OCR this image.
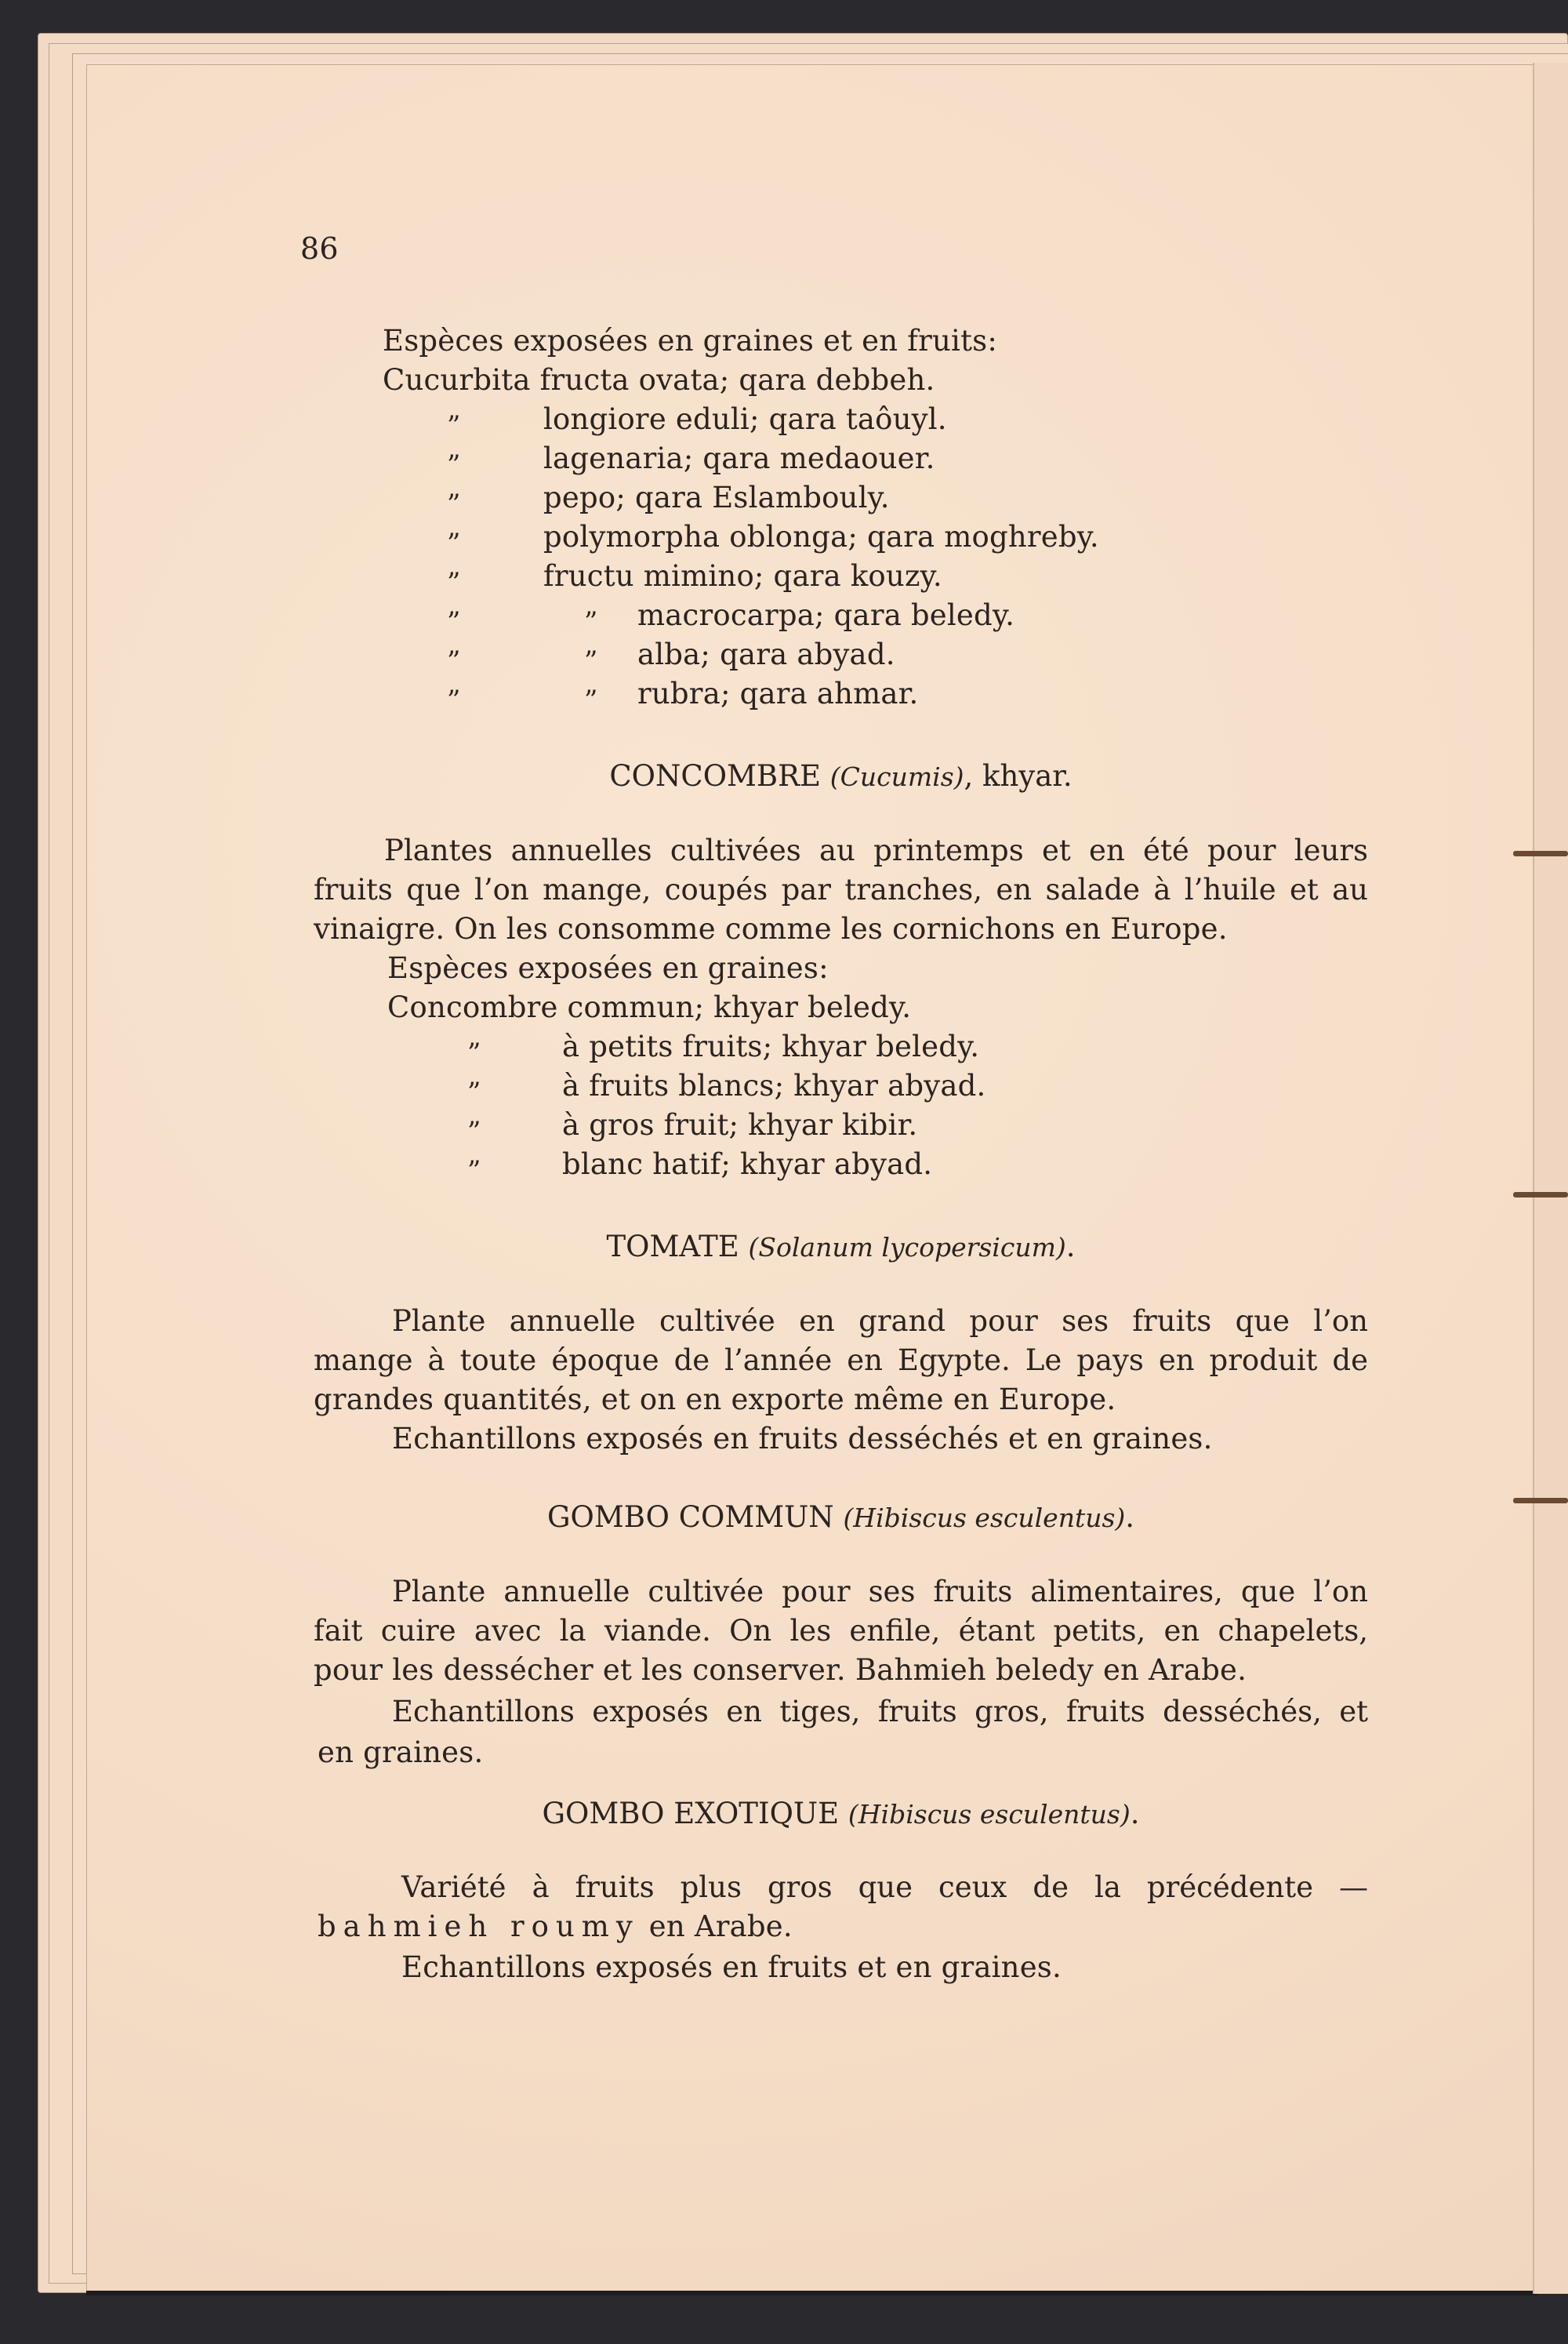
86
Espèces exposées en graines et en fruits:
Cucurbita fructa ovata; qara debbeh.
”	longiore eduli; qara taôuyl.
”	lagenaria; qara medaouer.
”	pepo; qara Eslambouly.
”	polymorpha oblonga; qara moghreby.
”	fructu mimino; qara kouzy.
”	” macrocarpa; qara beledy.
”	” alba; qara abyad.
”	” rubra; qara ahmar.
CONCOMBRE (Cucumis), khyar.
Plantes annuelles cultivées au printemps et en été pour leurs
fruits que l’on mange, coupés par tranches, en salade à l’huile et au
vinaigre. On les consomme comme les cornichons en Europe.
Espèces exposées en graines:
Concombre commun; khyar beledy.
”	à petits fruits; khyar beledy.
”	à fruits blancs; khyar abyad.
”	à gros fruit; khyar kibir.
”	blanc hatif; khyar abyad.
TOMATE (Solanum lycopersicum).
Plante annuelle cultivée en grand pour ses fruits que l’on
mange à toute époque de l’année en Egypte. Le pays en produit de
grandes quantités, et on en exporte même en Europe.
Echantillons exposés en fruits desséchés et en graines.
GOMBO COMMUN (Hibiscus esculentus).
Plante annuelle cultivée pour ses fruits alimentaires, que l’on
fait cuire avec la viande. On les enfile, étant petits, en chapelets,
pour les dessécher et les conserver. Bahmieh beledy en Arabe.
Echantillons exposés en tiges, fruits gros, fruits desséchés, et
en graines.
GOMBO EXOTIQUE (Hibiscus esculentus).
Variété à fruits plus gros que ceux de la précédente —
bahmieh roumy en Arabe.
Echantillons exposés en fruits et en graines.
